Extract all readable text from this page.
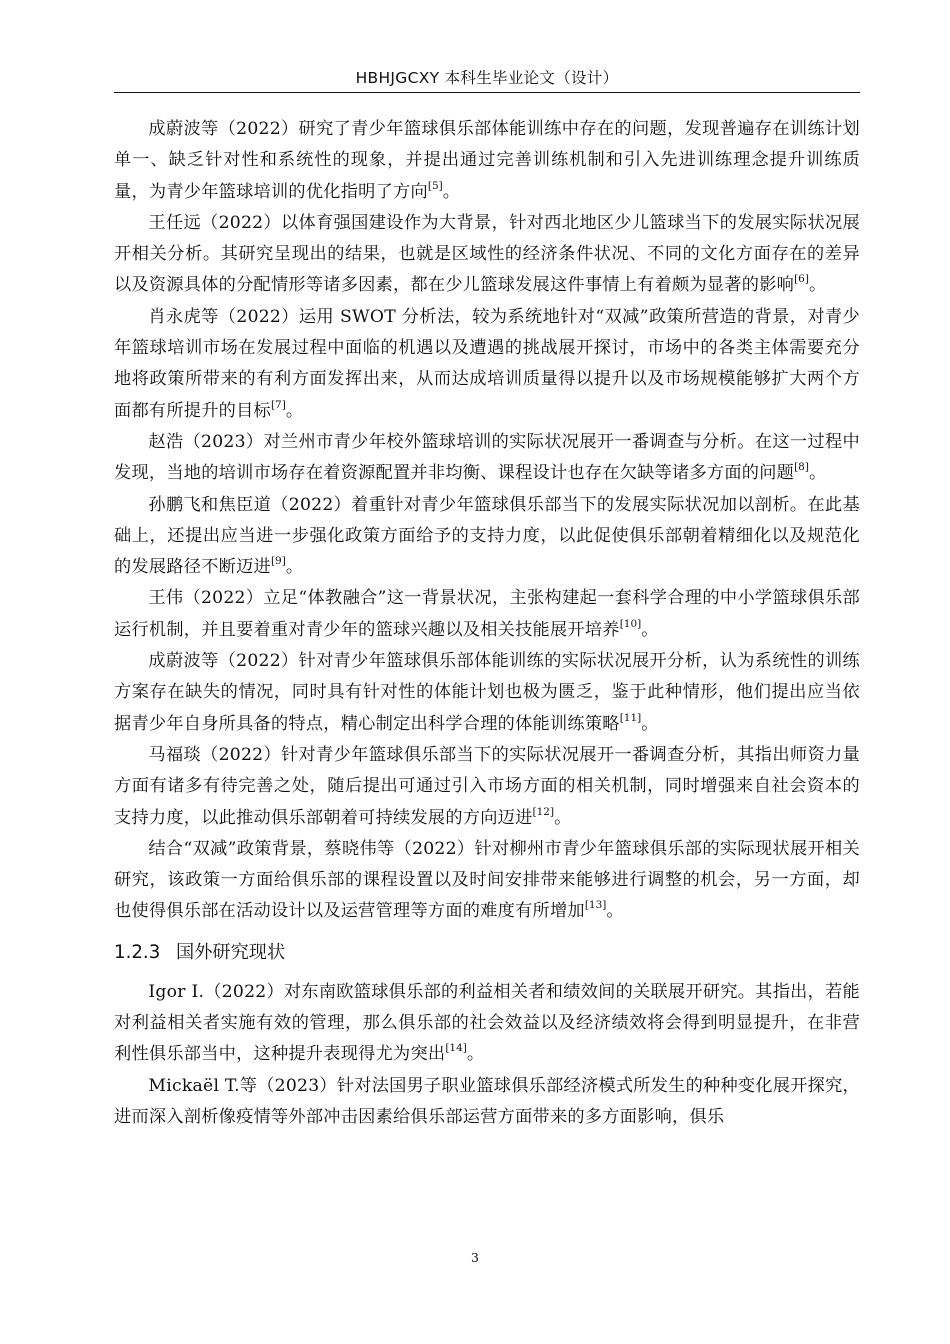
HBHJGCXY 本科生毕业论文（设计）

成蔚波等（2022）研究了青少年篮球俱乐部体能训练中存在的问题，发现普遍存在训练计划单一、缺乏针对性和系统性的现象，并提出通过完善训练机制和引入先进训练理念提升训练质量，为青少年篮球培训的优化指明了方向[5]。

王任远（2022）以体育强国建设作为大背景，针对西北地区少儿篮球当下的发展实际状况展开相关分析。其研究呈现出的结果，也就是区域性的经济条件状况、不同的文化方面存在的差异以及资源具体的分配情形等诸多因素，都在少儿篮球发展这件事情上有着颇为显著的影响[6]。

肖永虎等（2022）运用 SWOT 分析法，较为系统地针对“双减”政策所营造的背景，对青少年篮球培训市场在发展过程中面临的机遇以及遭遇的挑战展开探讨，市场中的各类主体需要充分地将政策所带来的有利方面发挥出来，从而达成培训质量得以提升以及市场规模能够扩大两个方面都有所提升的目标[7]。

赵浩（2023）对兰州市青少年校外篮球培训的实际状况展开一番调查与分析。在这一过程中发现，当地的培训市场存在着资源配置并非均衡、课程设计也存在欠缺等诸多方面的问题[8]。

孙鹏飞和焦臣道（2022）着重针对青少年篮球俱乐部当下的发展实际状况加以剖析。在此基础上，还提出应当进一步强化政策方面给予的支持力度，以此促使俱乐部朝着精细化以及规范化的发展路径不断迈进[9]。

王伟（2022）立足“体教融合”这一背景状况，主张构建起一套科学合理的中小学篮球俱乐部运行机制，并且要着重对青少年的篮球兴趣以及相关技能展开培养[10]。

成蔚波等（2022）针对青少年篮球俱乐部体能训练的实际状况展开分析，认为系统性的训练方案存在缺失的情况，同时具有针对性的体能计划也极为匮乏，鉴于此种情形，他们提出应当依据青少年自身所具备的特点，精心制定出科学合理的体能训练策略[11]。

马福琰（2022）针对青少年篮球俱乐部当下的实际状况展开一番调查分析，其指出师资力量方面有诸多有待完善之处，随后提出可通过引入市场方面的相关机制，同时增强来自社会资本的支持力度，以此推动俱乐部朝着可持续发展的方向迈进[12]。

结合“双减”政策背景，蔡晓伟等（2022）针对柳州市青少年篮球俱乐部的实际现状展开相关研究，该政策一方面给俱乐部的课程设置以及时间安排带来能够进行调整的机会，另一方面，却也使得俱乐部在活动设计以及运营管理等方面的难度有所增加[13]。

1.2.3 国外研究现状

Igor I.（2022）对东南欧篮球俱乐部的利益相关者和绩效间的关联展开研究。其指出，若能对利益相关者实施有效的管理，那么俱乐部的社会效益以及经济绩效将会得到明显提升，在非营利性俱乐部当中，这种提升表现得尤为突出[14]。

Mickaël T.等（2023）针对法国男子职业篮球俱乐部经济模式所发生的种种变化展开探究，进而深入剖析像疫情等外部冲击因素给俱乐部运营方面带来的多方面影响，俱乐

3
